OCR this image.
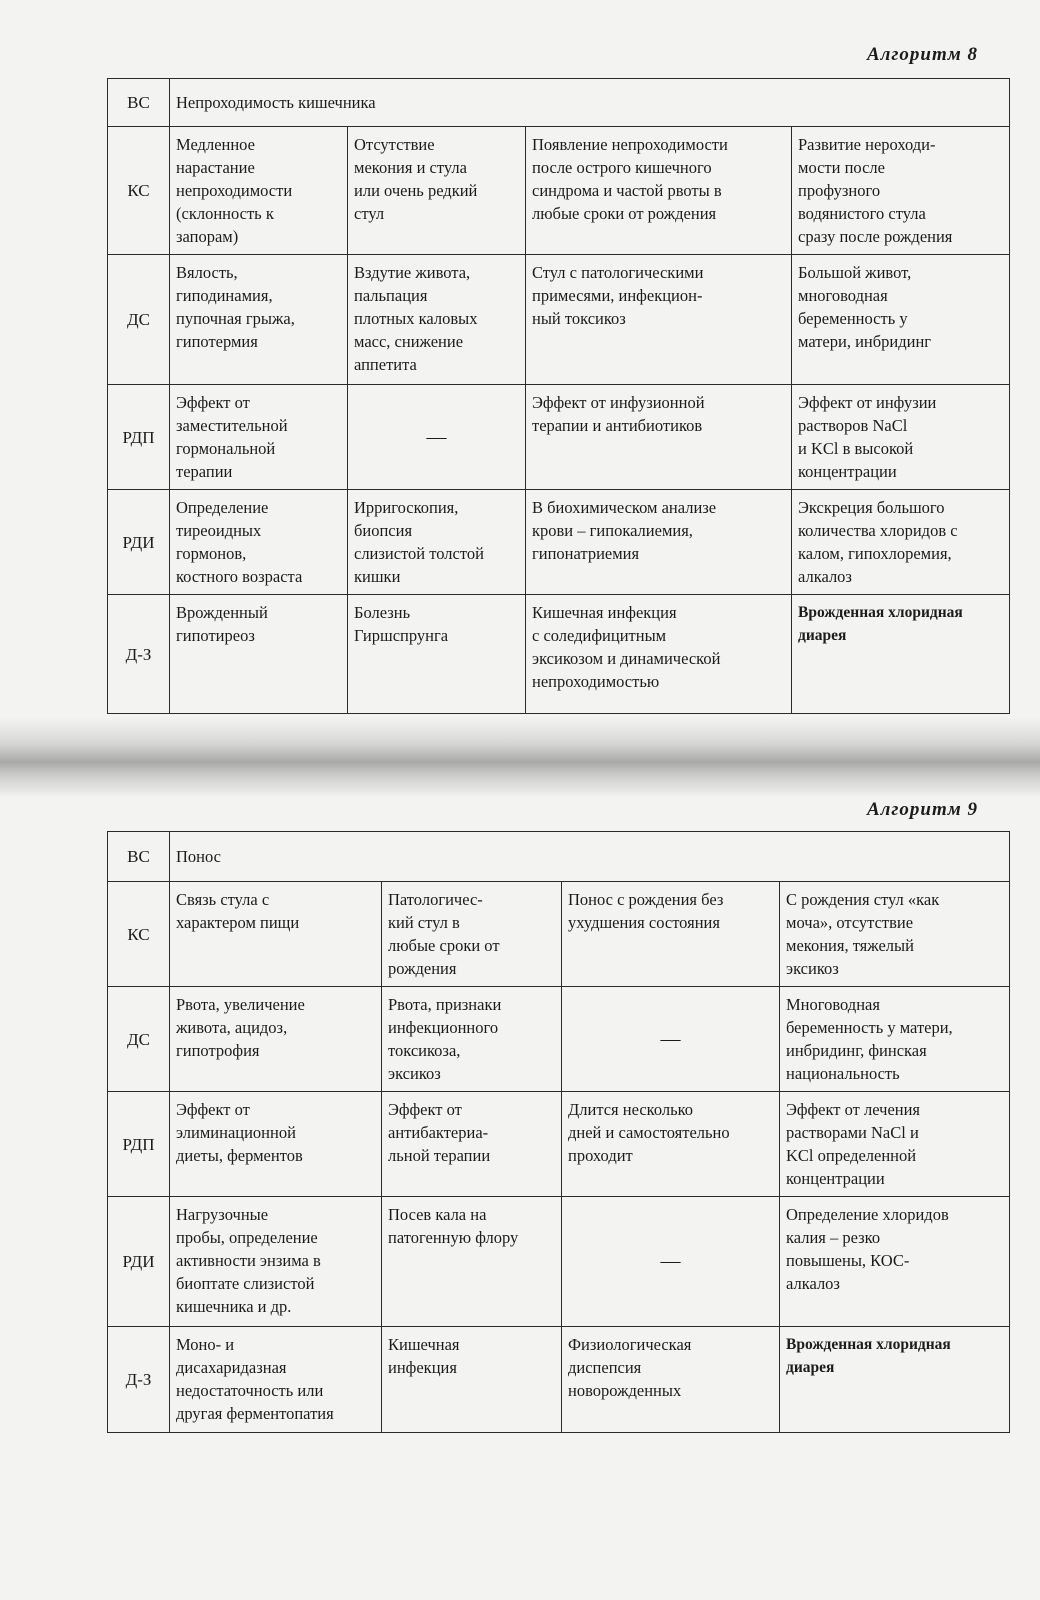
Алгоритм 8
ВС	Непроходимость кишечника			

КС	Медленное
нарастание
непроходимости
(склонность к
запорам)	Отсутствие
мекония и стула
или очень редкий
стул	Появление непроходимости
после острого кишечного
синдрома и частой рвоты в
любые сроки от рождения	Развитие нероходи-
мости после
профузного
водянистого стула
сразу после рождения

ДС	Вялость,
гиподинамия,
пупочная грыжа,
гипотермия	Вздутие живота,
пальпация
плотных каловых
масс, снижение
аппетита	Стул с патологическими
примесями, инфекцион-
ный токсикоз	Большой живот,
многоводная
беременность у
матери, инбридинг

РДП	Эффект от
заместительной
гормональной
терапии	—	Эффект от инфузионной
терапии и антибиотиков	Эффект от инфузии
растворов NaCl
и KCl в высокой
концентрации

РДИ	Определение
тиреоидных
гормонов,
костного возраста	Ирригоскопия,
биопсия
слизистой толстой
кишки	В биохимическом анализе
крови – гипокалиемия,
гипонатриемия	Экскреция большого
количества хлоридов с
калом, гипохлоремия,
алкалоз

Д-З	Врожденный
гипотиреоз	Болезнь
Гиршспрунга	Кишечная инфекция
с соледифицитным
эксикозом и динамической
непроходимостью	Врожденная хлоридная
диарея
Алгоритм 9
ВС	Понос			

КС	Связь стула с
характером пищи	Патологичес-
кий стул в
любые сроки от
рождения	Понос с рождения без
ухудшения состояния	С рождения стул «как
моча», отсутствие
мекония, тяжелый
эксикоз

ДС	Рвота, увеличение
живота, ацидоз,
гипотрофия	Рвота, признаки
инфекционного
токсикоза,
эксикоз	—	Многоводная
беременность у матери,
инбридинг, финская
национальность

РДП	Эффект от
элиминационной
диеты, ферментов	Эффект от
антибактериа-
льной терапии	Длится несколько
дней и самостоятельно
проходит	Эффект от лечения
растворами NaCl и
KCl определенной
концентрации

РДИ	Нагрузочные
пробы, определение
активности энзима в
биоптате слизистой
кишечника и др.	Посев кала на
патогенную флору	—	Определение хлоридов
калия – резко
повышены, КОС-
алкалоз

Д-З	Моно- и
дисахаридазная
недостаточность или
другая ферментопатия	Кишечная
инфекция	Физиологическая
диспепсия
новорожденных	Врожденная хлоридная
диарея
